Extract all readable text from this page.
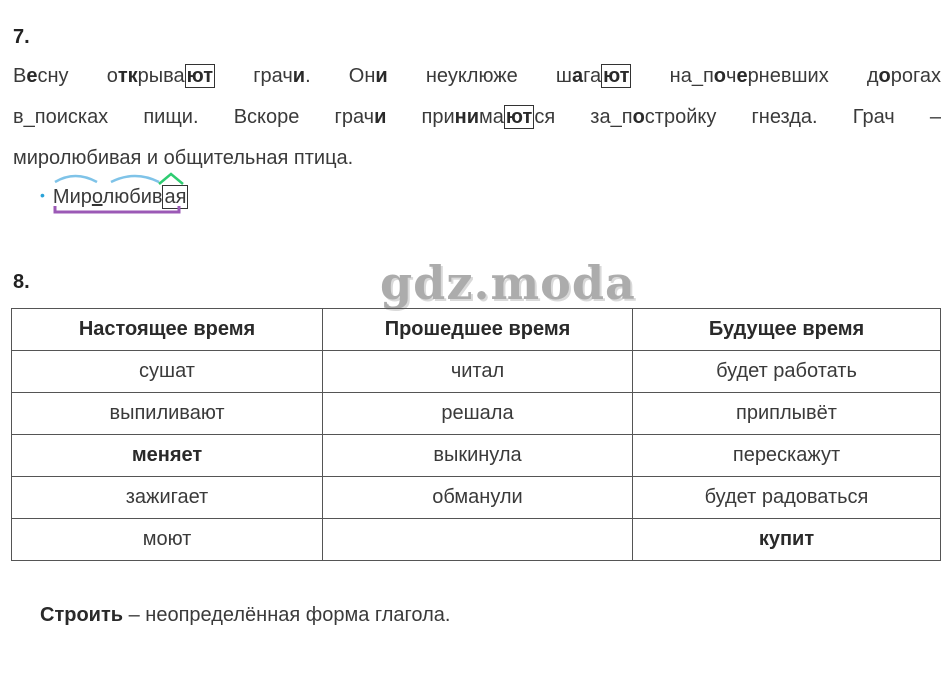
7.
Весну открыва ют грачи. Они неуклюже шага ют на_почерневших дорогах
в_поисках пищи. Вскоре грачи принима ют ся за_постройку гнезда. Грач –
миролюбивая и общительная птица.
• Миролюбив ая
8.	gdz.moda
Настоящее время	Прошедшее время	Будущее время
сушат	читал	будет работать
выпиливают	решала	приплывёт
меняет	выкинула	перескажут
зажигает	обманули	будет радоваться
моют		купит
Строить – неопределённая форма глагола.
